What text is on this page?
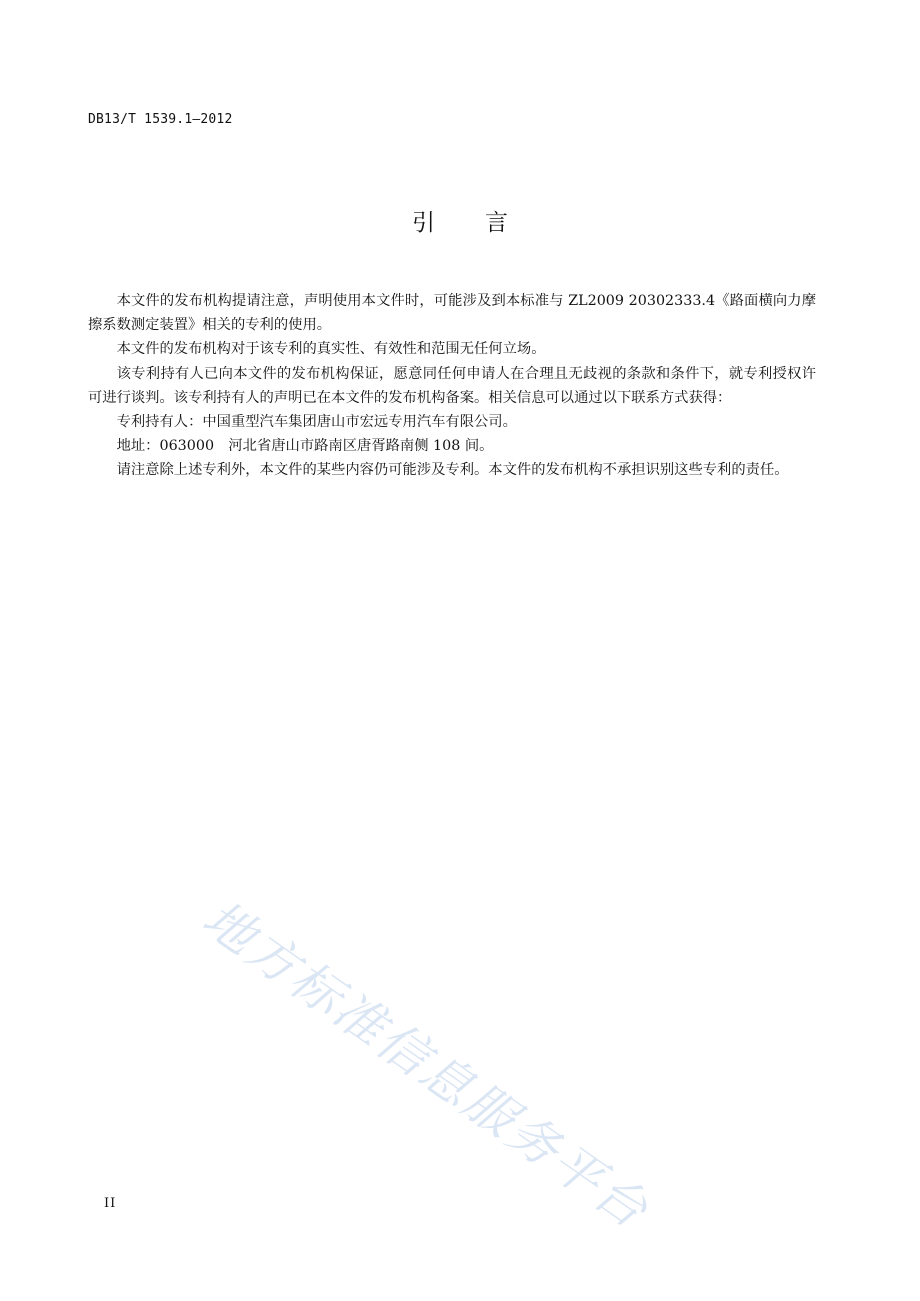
DB13/T 1539.1—2012
引言

本文件的发布机构提请注意，声明使用本文件时，可能涉及到本标准与 ZL2009 20302333.4《路面横向力摩擦系数测定装置》相关的专利的使用。

本文件的发布机构对于该专利的真实性、有效性和范围无任何立场。

该专利持有人已向本文件的发布机构保证，愿意同任何申请人在合理且无歧视的条款和条件下，就专利授权许可进行谈判。该专利持有人的声明已在本文件的发布机构备案。相关信息可以通过以下联系方式获得：

专利持有人：中国重型汽车集团唐山市宏远专用汽车有限公司。

地址：063000　河北省唐山市路南区唐胥路南侧 108 间。

请注意除上述专利外，本文件的某些内容仍可能涉及专利。本文件的发布机构不承担识别这些专利的责任。

地方标准信息服务平台
II
